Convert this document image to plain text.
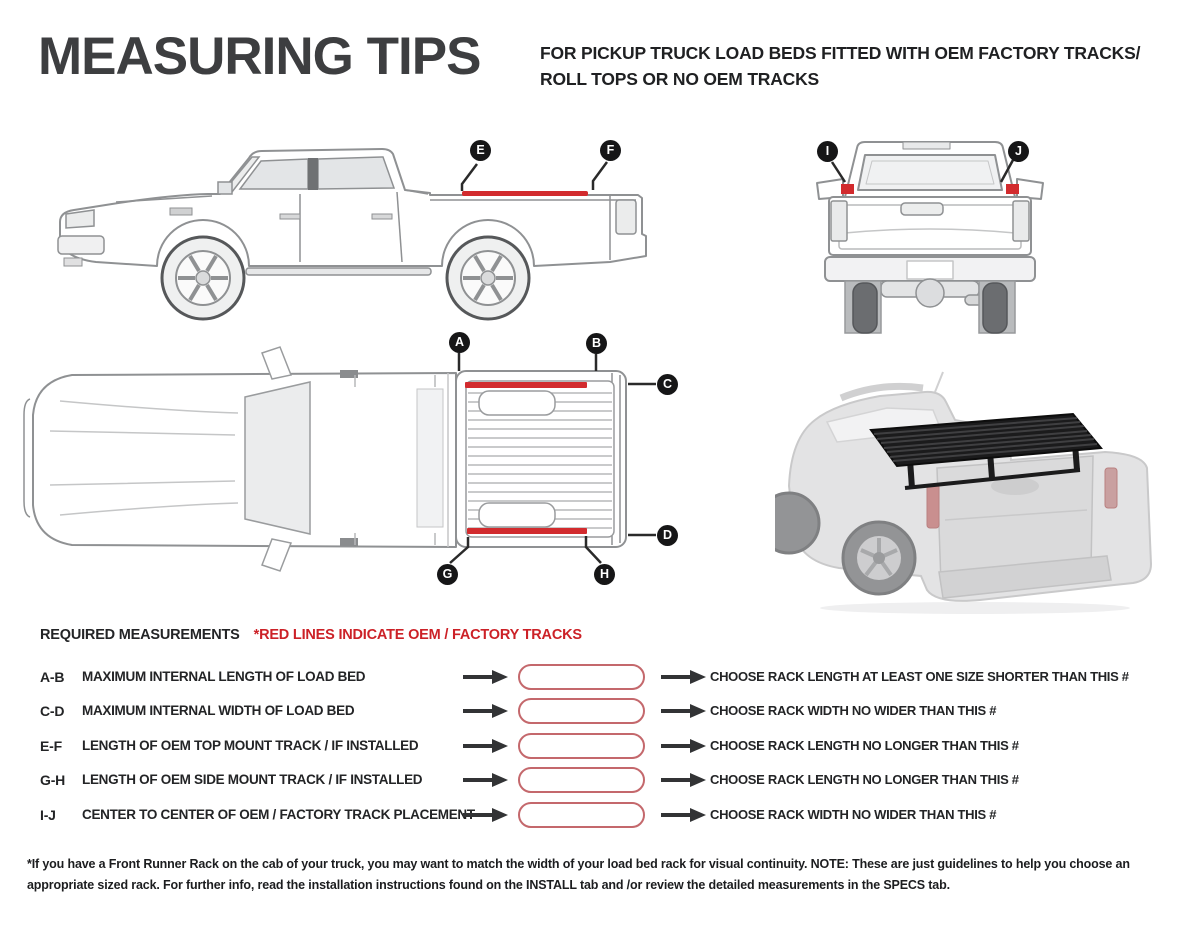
MEASURING TIPS	FOR PICKUP TRUCK LOAD BEDS FITTED WITH OEM FACTORY TRACKS/
ROLL TOPS OR NO OEM TRACKS
A	B
C
D
E	F
G	H
I	J
REQUIRED MEASUREMENTS *RED LINES INDICATE OEM / FACTORY TRACKS
A-B	MAXIMUM INTERNAL LENGTH OF LOAD BED	CHOOSE RACK LENGTH AT LEAST ONE SIZE SHORTER THAN THIS #
C-D	MAXIMUM INTERNAL WIDTH OF LOAD BED	CHOOSE RACK WIDTH NO WIDER THAN THIS #
E-F	LENGTH OF OEM TOP MOUNT TRACK / IF INSTALLED	CHOOSE RACK LENGTH NO LONGER THAN THIS #
G-H	LENGTH OF OEM SIDE MOUNT TRACK / IF INSTALLED	CHOOSE RACK LENGTH NO LONGER THAN THIS #
I-J	CENTER TO CENTER OF OEM / FACTORY TRACK PLACEMENT	CHOOSE RACK WIDTH NO WIDER THAN THIS #

*If you have a Front Runner Rack on the cab of your truck, you may want to match the width of your load bed rack for visual continuity. NOTE: These are just guidelines to help you choose an appropriate sized rack. For further info, read the installation instructions found on the INSTALL tab and /or review the detailed measurements in the SPECS tab.
